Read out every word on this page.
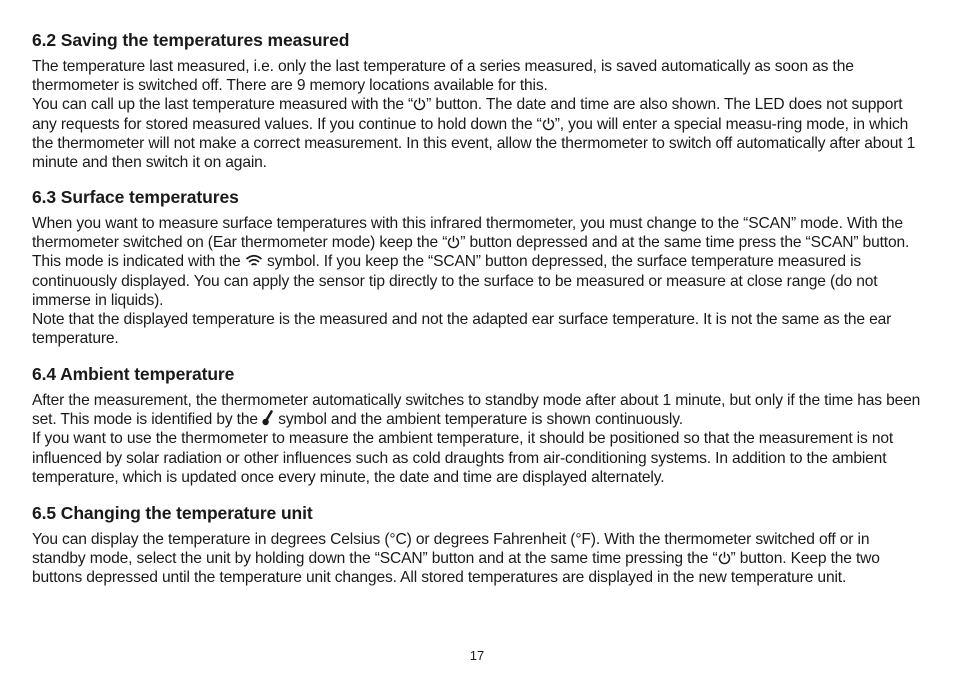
6.2 Saving the temperatures measured

The temperature last measured, i.e. only the last temperature of a series measured, is saved automatically as soon as the thermometer is switched off. There are 9 memory locations available for this.

You can call up the last temperature measured with the “ ” button. The date and time are also shown. The LED does not support any requests for stored measured values. If you continue to hold down the “ ”, you will enter a special measu-ring mode, in which the thermometer will not make a correct measurement. In this event, allow the thermometer to switch off automatically after about 1 minute and then switch it on again.

6.3 Surface temperatures

When you want to measure surface temperatures with this infrared thermometer, you must change to the “SCAN” mode. With the thermometer switched on (Ear thermometer mode) keep the “ ” button depressed and at the same time press the “SCAN” button. This mode is indicated with the  symbol. If you keep the “SCAN” button depressed, the surface temperature measured is continuously displayed. You can apply the sensor tip directly to the surface to be measured or measure at close range (do not immerse in liquids).

Note that the displayed temperature is the measured and not the adapted ear surface temperature. It is not the same as the ear temperature.

6.4 Ambient temperature

After the measurement, the thermometer automatically switches to standby mode after about 1 minute, but only if the time has been set. This mode is identified by the  symbol and the ambient temperature is shown continuously.

If you want to use the thermometer to measure the ambient temperature, it should be positioned so that the measurement is not influenced by solar radiation or other influences such as cold draughts from air-conditioning systems. In addition to the ambient temperature, which is updated once every minute, the date and time are displayed alternately.

6.5 Changing the temperature unit

You can display the temperature in degrees Celsius (°C) or degrees Fahrenheit (°F). With the thermometer switched off or in standby mode, select the unit by holding down the “SCAN” button and at the same time pressing the “ ” button. Keep the two buttons depressed until the temperature unit changes. All stored temperatures are displayed in the new temperature unit.

17
